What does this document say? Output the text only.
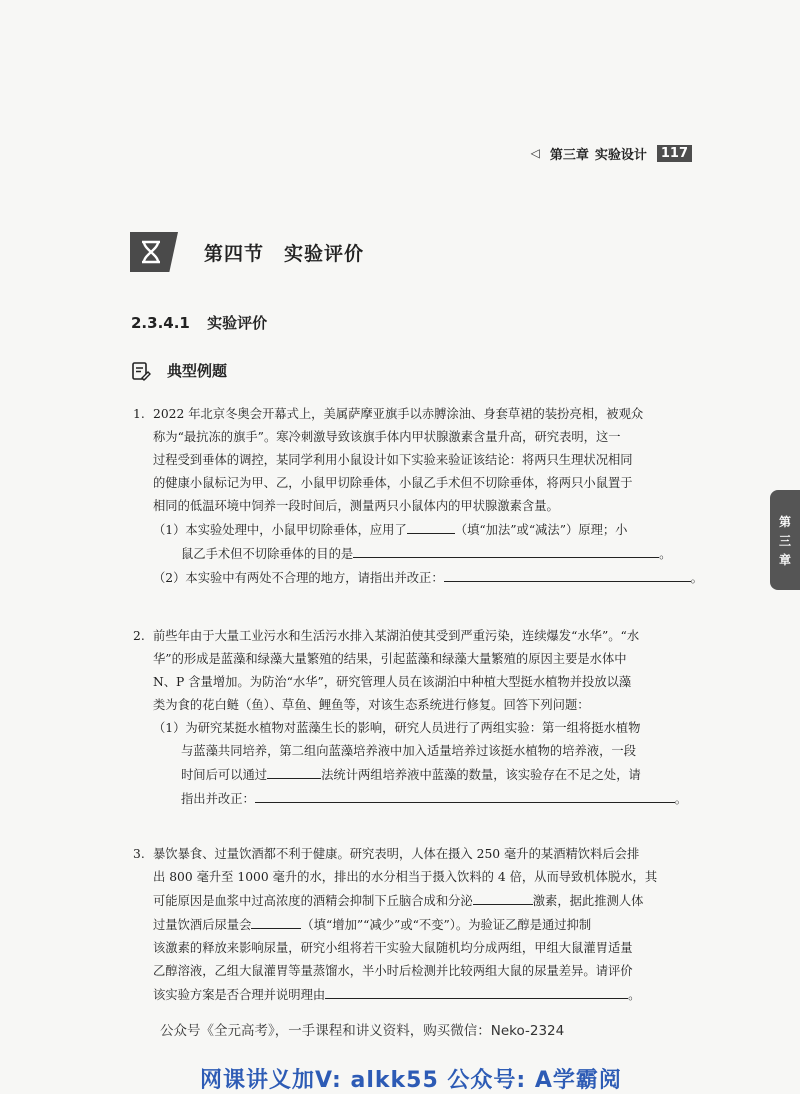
◁ 第三章 实验设计	117
第四节　实验评价
2.3.4.1 实验评价
典型例题
第
三
章
1. 2022 年北京冬奥会开幕式上，美属萨摩亚旗手以赤膊涂油、身套草裙的装扮亮相，被观众
称为“最抗冻的旗手”。寒冷刺激导致该旗手体内甲状腺激素含量升高，研究表明，这一
过程受到垂体的调控，某同学利用小鼠设计如下实验来验证该结论：将两只生理状况相同
的健康小鼠标记为甲、乙，小鼠甲切除垂体，小鼠乙手术但不切除垂体，将两只小鼠置于
相同的低温环境中饲养一段时间后，测量两只小鼠体内的甲状腺激素含量。
（1）本实验处理中，小鼠甲切除垂体，应用了	（填“加法”或“减法”）原理；小
鼠乙手术但不切除垂体的目的是	。
（2）本实验中有两处不合理的地方，请指出并改正：	。
2. 前些年由于大量工业污水和生活污水排入某湖泊使其受到严重污染，连续爆发“水华”。“水
华”的形成是蓝藻和绿藻大量繁殖的结果，引起蓝藻和绿藻大量繁殖的原因主要是水体中
N、P 含量增加。为防治“水华”，研究管理人员在该湖泊中种植大型挺水植物并投放以藻
类为食的花白鲢（鱼）、草鱼、鲤鱼等，对该生态系统进行修复。回答下列问题：
（1）为研究某挺水植物对蓝藻生长的影响，研究人员进行了两组实验：第一组将挺水植物
与蓝藻共同培养，第二组向蓝藻培养液中加入适量培养过该挺水植物的培养液，一段
时间后可以通过	法统计两组培养液中蓝藻的数量，该实验存在不足之处，请
指出并改正：	。
3. 暴饮暴食、过量饮酒都不利于健康。研究表明，人体在摄入 250 毫升的某酒精饮料后会排
出 800 毫升至 1000 毫升的水，排出的水分相当于摄入饮料的 4 倍，从而导致机体脱水，其
可能原因是血浆中过高浓度的酒精会抑制下丘脑合成和分泌	激素，据此推测人体
过量饮酒后尿量会	（填“增加”“减少”或“不变”）。为验证乙醇是通过抑制
该激素的释放来影响尿量，研究小组将若干实验大鼠随机均分成两组，甲组大鼠灌胃适量
乙醇溶液，乙组大鼠灌胃等量蒸馏水，半小时后检测并比较两组大鼠的尿量差异。请评价
该实验方案是否合理并说明理由	。
公众号《全元高考》，一手课程和讲义资料，购买微信：Neko-2324
网课讲义加V: alkk55 公众号: A学霸阅
